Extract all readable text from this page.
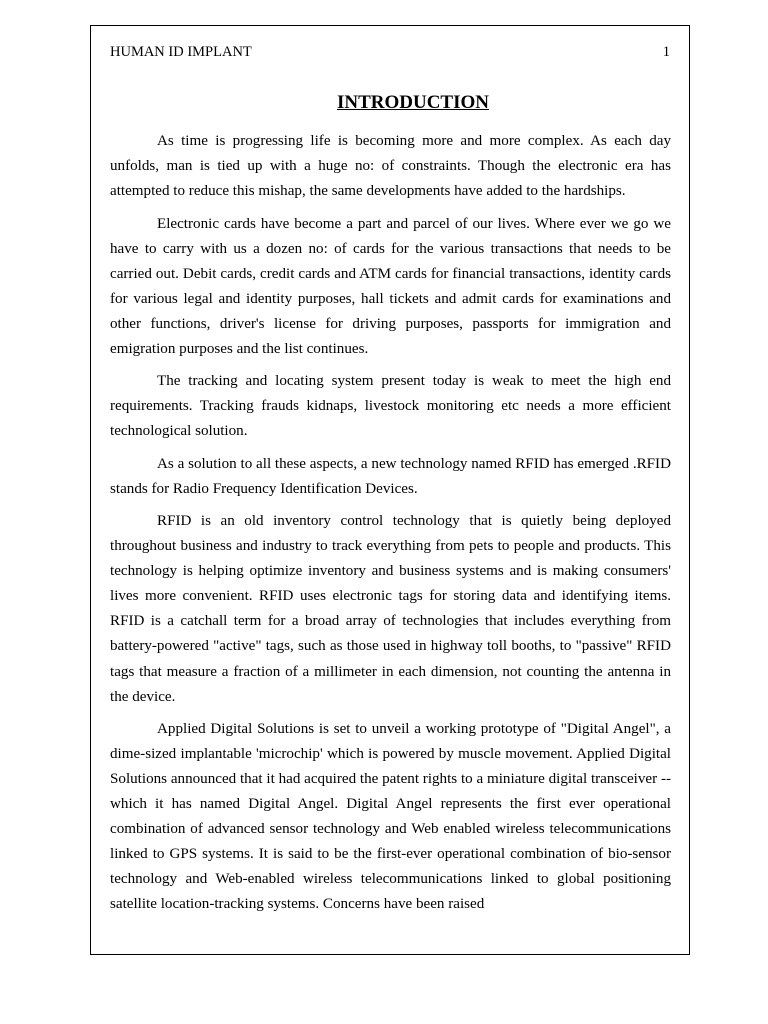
HUMAN ID IMPLANT	1
INTRODUCTION

As time is progressing life is becoming more and more complex. As each day unfolds, man is tied up with a huge no: of constraints. Though the electronic era has attempted to reduce this mishap, the same developments have added to the hardships.

Electronic cards have become a part and parcel of our lives. Where ever we go we have to carry with us a dozen no: of cards for the various transactions that needs to be carried out. Debit cards, credit cards and ATM cards for financial transactions, identity cards for various legal and identity purposes, hall tickets and admit cards for examinations and other functions, driver's license for driving purposes, passports for immigration and emigration purposes and the list continues.

The tracking and locating system present today is weak to meet the high end requirements. Tracking frauds kidnaps, livestock monitoring etc needs a more efficient technological solution.

As a solution to all these aspects, a new technology named RFID has emerged .RFID stands for Radio Frequency Identification Devices.

RFID is an old inventory control technology that is quietly being deployed throughout business and industry to track everything from pets to people and products. This technology is helping optimize inventory and business systems and is making consumers' lives more convenient. RFID uses electronic tags for storing data and identifying items. RFID is a catchall term for a broad array of technologies that includes everything from battery-powered "active" tags, such as those used in highway toll booths, to "passive" RFID tags that measure a fraction of a millimeter in each dimension, not counting the antenna in the device.

Applied Digital Solutions is set to unveil a working prototype of "Digital Angel", a dime-sized implantable 'microchip' which is powered by muscle movement. Applied Digital Solutions announced that it had acquired the patent rights to a miniature digital transceiver -- which it has named Digital Angel. Digital Angel represents the first ever operational combination of advanced sensor technology and Web enabled wireless telecommunications linked to GPS systems. It is said to be the first-ever operational combination of bio-sensor technology and Web-enabled wireless telecommunications linked to global positioning satellite location-tracking systems. Concerns have been raised
